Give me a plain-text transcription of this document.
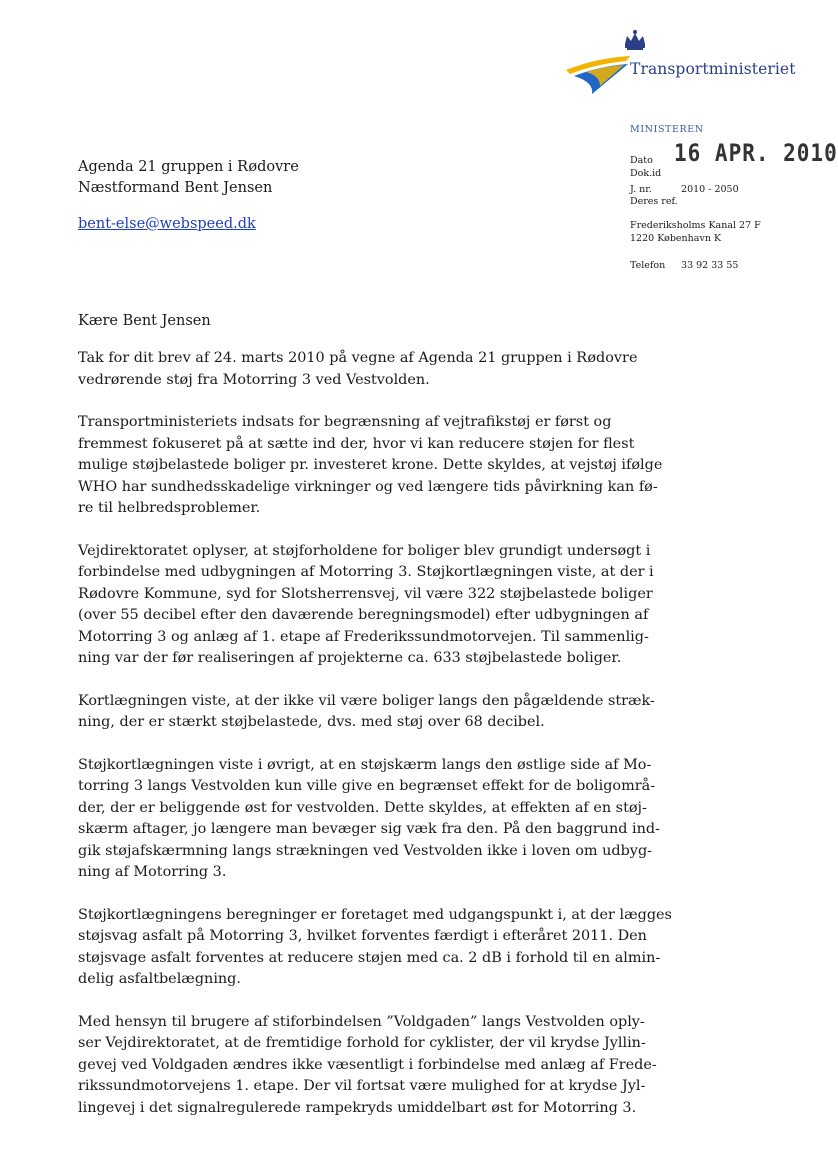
Transportministeriet
MINISTEREN
Dato 16 APR. 2010
Dok.id
J. nr.	2010 - 2050
Deres ref.
Frederiksholms Kanal 27 F
1220 København K
Telefon 33 92 33 55
Agenda 21 gruppen i Rødovre
Næstformand Bent Jensen
bent-else@webspeed.dk
Kære Bent Jensen

Tak for dit brev af 24. marts 2010 på vegne af Agenda 21 gruppen i Rødovre
vedrørende støj fra Motorring 3 ved Vestvolden.

Transportministeriets indsats for begrænsning af vejtrafikstøj er først og
fremmest fokuseret på at sætte ind der, hvor vi kan reducere støjen for flest
mulige støjbelastede boliger pr. investeret krone. Dette skyldes, at vejstøj ifølge
WHO har sundhedsskadelige virkninger og ved længere tids påvirkning kan fø-
re til helbredsproblemer.

Vejdirektoratet oplyser, at støjforholdene for boliger blev grundigt undersøgt i
forbindelse med udbygningen af Motorring 3. Støjkortlægningen viste, at der i
Rødovre Kommune, syd for Slotsherrensvej, vil være 322 støjbelastede boliger
(over 55 decibel efter den daværende beregningsmodel) efter udbygningen af
Motorring 3 og anlæg af 1. etape af Frederikssundmotorvejen. Til sammenlig-
ning var der før realiseringen af projekterne ca. 633 støjbelastede boliger.

Kortlægningen viste, at der ikke vil være boliger langs den pågældende stræk-
ning, der er stærkt støjbelastede, dvs. med støj over 68 decibel.

Støjkortlægningen viste i øvrigt, at en støjskærm langs den østlige side af Mo-
torring 3 langs Vestvolden kun ville give en begrænset effekt for de boligområ-
der, der er beliggende øst for vestvolden. Dette skyldes, at effekten af en støj-
skærm aftager, jo længere man bevæger sig væk fra den. På den baggrund ind-
gik støjafskærmning langs strækningen ved Vestvolden ikke i loven om udbyg-
ning af Motorring 3.

Støjkortlægningens beregninger er foretaget med udgangspunkt i, at der lægges
støjsvag asfalt på Motorring 3, hvilket forventes færdigt i efteråret 2011. Den
støjsvage asfalt forventes at reducere støjen med ca. 2 dB i forhold til en almin-
delig asfaltbelægning.

Med hensyn til brugere af stiforbindelsen ”Voldgaden” langs Vestvolden oply-
ser Vejdirektoratet, at de fremtidige forhold for cyklister, der vil krydse Jyllin-
gevej ved Voldgaden ændres ikke væsentligt i forbindelse med anlæg af Frede-
rikssundmotorvejens 1. etape. Der vil fortsat være mulighed for at krydse Jyl-
lingevej i det signalregulerede rampekryds umiddelbart øst for Motorring 3.
